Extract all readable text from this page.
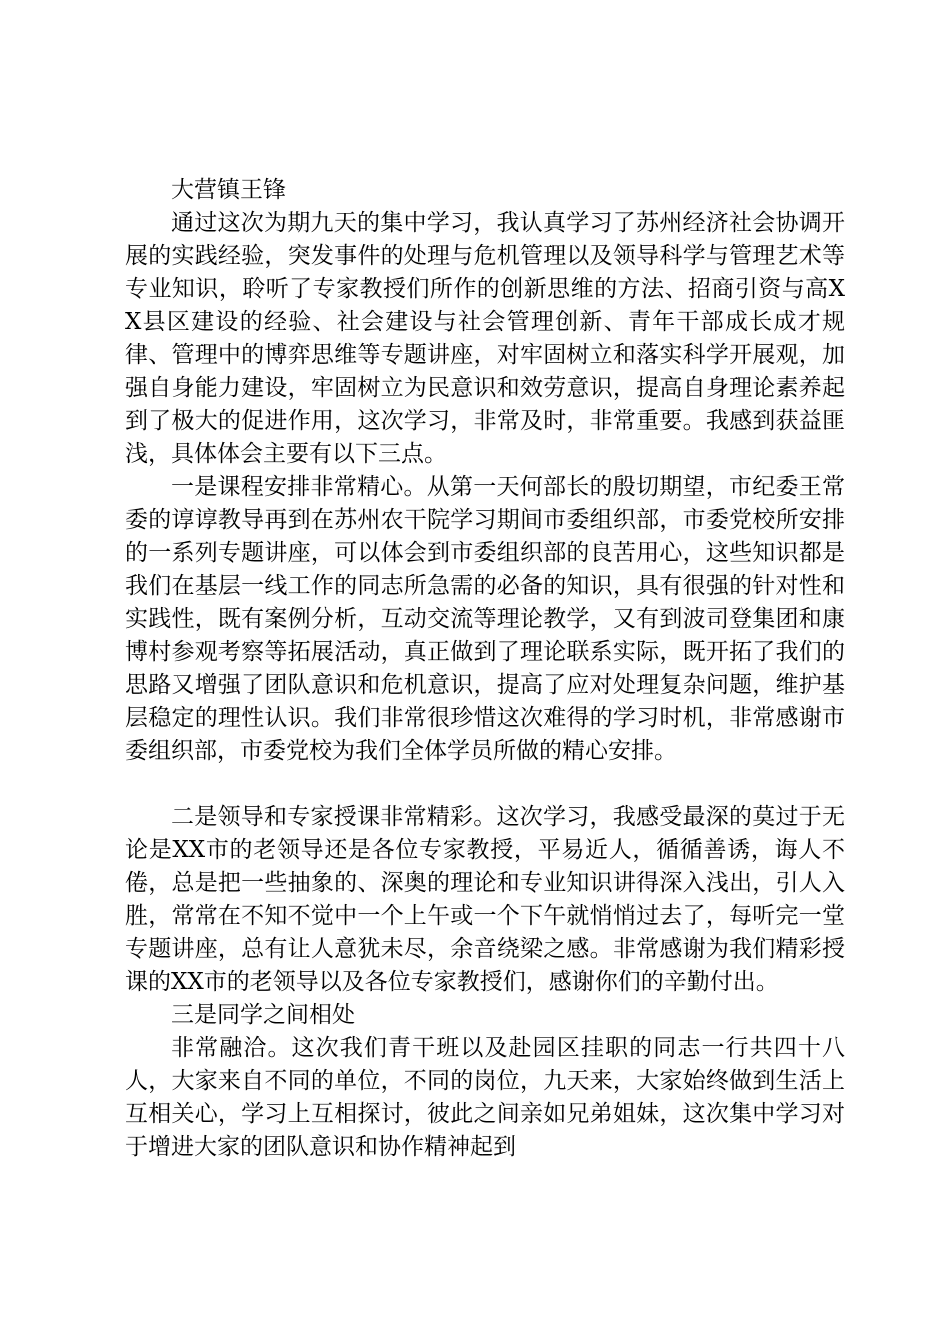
大营镇王锋

通过这次为期九天的集中学习，我认真学习了苏州经济社会协调开展的实践经验，突发事件的处理与危机管理以及领导科学与管理艺术等专业知识，聆听了专家教授们所作的创新思维的方法、招商引资与高XX县区建设的经验、社会建设与社会管理创新、青年干部成长成才规律、管理中的博弈思维等专题讲座，对牢固树立和落实科学开展观，加强自身能力建设，牢固树立为民意识和效劳意识，提高自身理论素养起到了极大的促进作用，这次学习，非常及时，非常重要。我感到获益匪浅，具体体会主要有以下三点。

一是课程安排非常精心。从第一天何部长的殷切期望，市纪委王常委的谆谆教导再到在苏州农干院学习期间市委组织部，市委党校所安排的一系列专题讲座，可以体会到市委组织部的良苦用心，这些知识都是我们在基层一线工作的同志所急需的必备的知识，具有很强的针对性和实践性，既有案例分析，互动交流等理论教学，又有到波司登集团和康博村参观考察等拓展活动，真正做到了理论联系实际，既开拓了我们的思路又增强了团队意识和危机意识，提高了应对处理复杂问题，维护基层稳定的理性认识。我们非常很珍惜这次难得的学习时机，非常感谢市委组织部，市委党校为我们全体学员所做的精心安排。

二是领导和专家授课非常精彩。这次学习，我感受最深的莫过于无论是XX市的老领导还是各位专家教授，平易近人，循循善诱，诲人不倦，总是把一些抽象的、深奥的理论和专业知识讲得深入浅出，引人入胜，常常在不知不觉中一个上午或一个下午就悄悄过去了，每听完一堂专题讲座，总有让人意犹未尽，余音绕梁之感。非常感谢为我们精彩授课的XX市的老领导以及各位专家教授们，感谢你们的辛勤付出。

三是同学之间相处

非常融洽。这次我们青干班以及赴园区挂职的同志一行共四十八人，大家来自不同的单位，不同的岗位，九天来，大家始终做到生活上互相关心，学习上互相探讨，彼此之间亲如兄弟姐妹，这次集中学习对于增进大家的团队意识和协作精神起到
